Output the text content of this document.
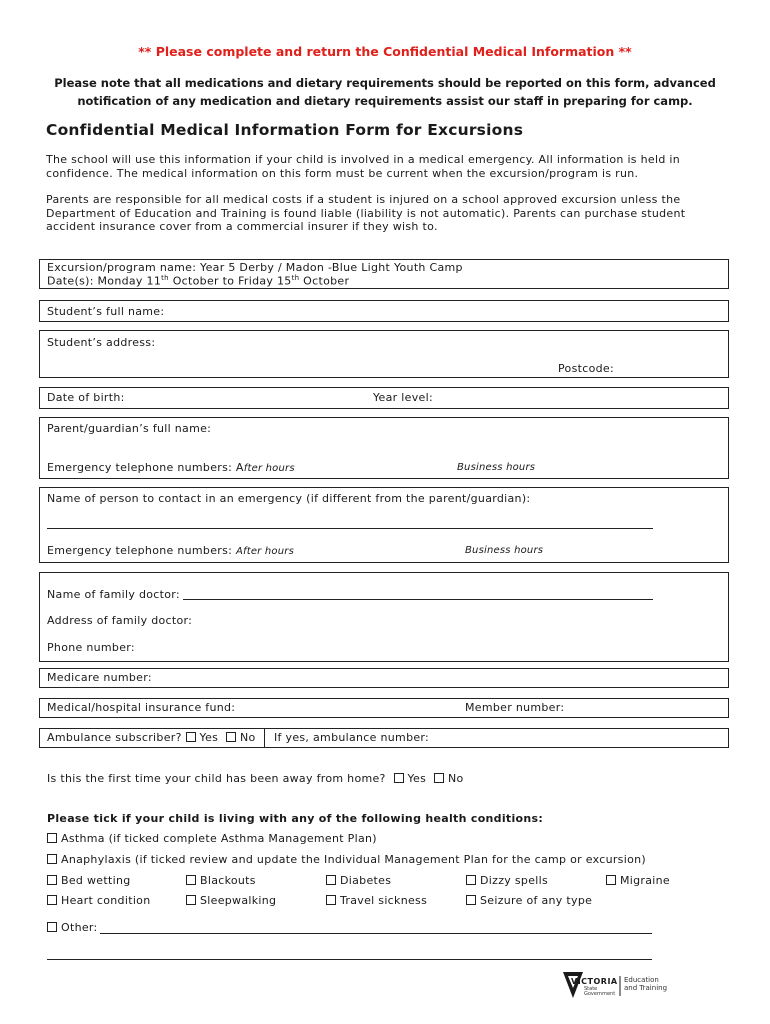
** Please complete and return the Confidential Medical Information **
Please note that all medications and dietary requirements should be reported on this form, advanced notification of any medication and dietary requirements assist our staff in preparing for camp.
Confidential Medical Information Form for Excursions
The school will use this information if your child is involved in a medical emergency. All information is held in confidence. The medical information on this form must be current when the excursion/program is run.
Parents are responsible for all medical costs if a student is injured on a school approved excursion unless the Department of Education and Training is found liable (liability is not automatic). Parents can purchase student accident insurance cover from a commercial insurer if they wish to.
Excursion/program name: Year 5 Derby / Madon -Blue Light Youth Camp
Date(s): Monday 11th October to Friday 15th October
Student’s full name:
Student’s address:
Postcode:
Date of birth:	Year level:
Parent/guardian’s full name:
Emergency telephone numbers: After hours	Business hours
Name of person to contact in an emergency (if different from the parent/guardian):
Emergency telephone numbers: After hours	Business hours
Name of family doctor:
Address of family doctor:
Phone number:
Medicare number:
Medical/hospital insurance fund:	Member number:
Ambulance subscriber? Yes No If yes, ambulance number:
Is this the first time your child has been away from home? Yes No
Please tick if your child is living with any of the following health conditions:
Asthma (if ticked complete Asthma Management Plan)
Anaphylaxis (if ticked review and update the Individual Management Plan for the camp or excursion)
Bed wetting	Blackouts	Diabetes	Dizzy spells	Migraine
Heart condition	Sleepwalking	Travel sickness	Seizure of any type
Other:
VICTORIA
State Government
Education
and Training
